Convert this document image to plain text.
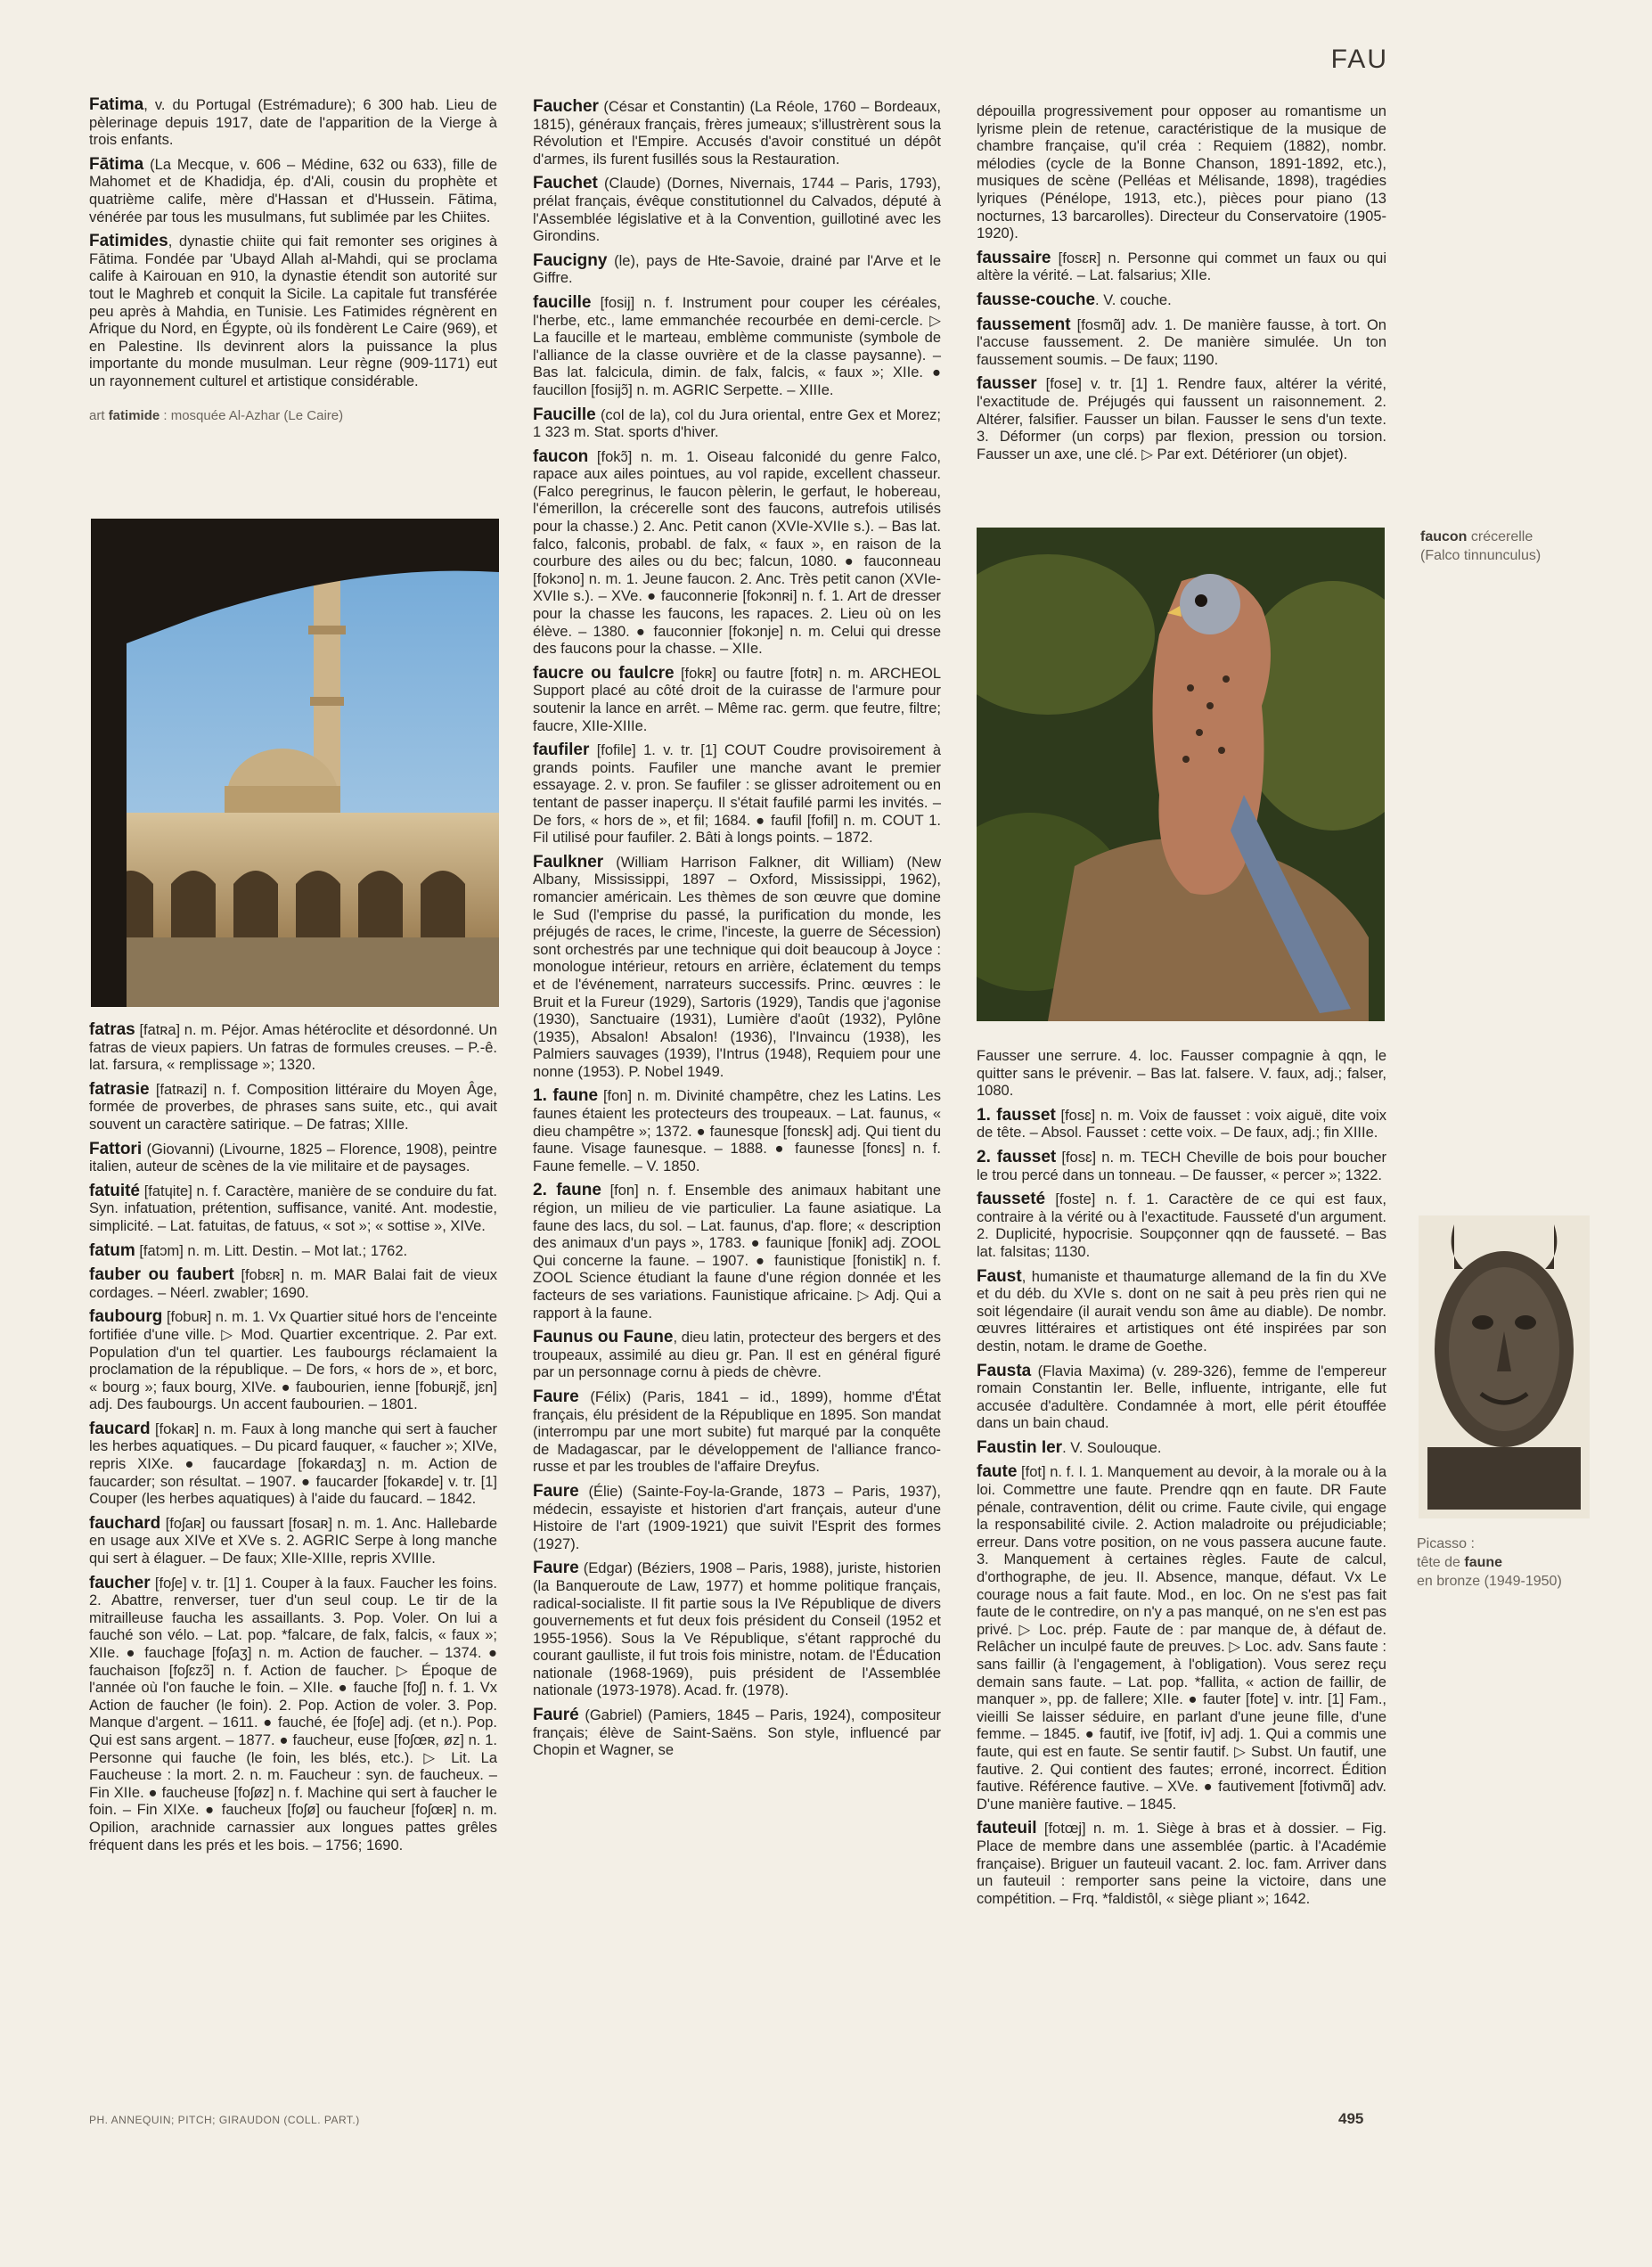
FAU

Fatima, v. du Portugal (Estrémadure); 6 300 hab. Lieu de pèlerinage depuis 1917, date de l'apparition de la Vierge à trois enfants.

Fātima (La Mecque, v. 606 – Médine, 632 ou 633), fille de Mahomet et de Khadidja, ép. d'Ali, cousin du prophète et quatrième calife, mère d'Hassan et d'Hussein. Fātima, vénérée par tous les musulmans, fut sublimée par les Chiites.

Fatimides, dynastie chiite qui fait remonter ses origines à Fātima. Fondée par 'Ubayd Allah al-Mahdi, qui se proclama calife à Kairouan en 910, la dynastie étendit son autorité sur tout le Maghreb et conquit la Sicile. La capitale fut transférée peu après à Mahdia, en Tunisie. Les Fatimides régnèrent en Afrique du Nord, en Égypte, où ils fondèrent Le Caire (969), et en Palestine. Ils devinrent alors la puissance la plus importante du monde musulman. Leur règne (909-1171) eut un rayonnement culturel et artistique considérable.

art fatimide : mosquée Al-Azhar (Le Caire)

fatras [fatʀa] n. m. Péjor. Amas hétéroclite et désordonné. Un fatras de vieux papiers. Un fatras de formules creuses. – P.-ê. lat. farsura, « remplissage »; 1320.

fatrasie [fatʀazi] n. f. Composition littéraire du Moyen Âge, formée de proverbes, de phrases sans suite, etc., qui avait souvent un caractère satirique. – De fatras; XIIIe.

Fattori (Giovanni) (Livourne, 1825 – Florence, 1908), peintre italien, auteur de scènes de la vie militaire et de paysages.

fatuité [fatɥite] n. f. Caractère, manière de se conduire du fat. Syn. infatuation, prétention, suffisance, vanité. Ant. modestie, simplicité. – Lat. fatuitas, de fatuus, « sot »; « sottise », XIVe.

fatum [fatɔm] n. m. Litt. Destin. – Mot lat.; 1762.

fauber ou faubert [fobɛʀ] n. m. MAR Balai fait de vieux cordages. – Néerl. zwabler; 1690.

faubourg [fobuʀ] n. m. 1. Vx Quartier situé hors de l'enceinte fortifiée d'une ville. ▷ Mod. Quartier excentrique. 2. Par ext. Population d'un tel quartier. Les faubourgs réclamaient la proclamation de la république. – De fors, « hors de », et borc, « bourg »; faux bourg, XIVe. ● faubourien, ienne [fobuʀjɛ̃, jɛn] adj. Des faubourgs. Un accent faubourien. – 1801.

faucard [fokaʀ] n. m. Faux à long manche qui sert à faucher les herbes aquatiques. – Du picard fauquer, « faucher »; XIVe, repris XIXe. ● faucardage [fokaʀdaʒ] n. m. Action de faucarder; son résultat. – 1907. ● faucarder [fokaʀde] v. tr. [1] Couper (les herbes aquatiques) à l'aide du faucard. – 1842.

fauchard [foʃaʀ] ou faussart [fosaʀ] n. m. 1. Anc. Hallebarde en usage aux XIVe et XVe s. 2. AGRIC Serpe à long manche qui sert à élaguer. – De faux; XIIe-XIIIe, repris XVIIIe.

faucher [foʃe] v. tr. [1] 1. Couper à la faux. Faucher les foins. 2. Abattre, renverser, tuer d'un seul coup. Le tir de la mitrailleuse faucha les assaillants. 3. Pop. Voler. On lui a fauché son vélo. – Lat. pop. *falcare, de falx, falcis, « faux »; XIIe. ● fauchage [foʃaʒ] n. m. Action de faucher. – 1374. ● fauchaison [foʃɛzɔ̃] n. f. Action de faucher. ▷ Époque de l'année où l'on fauche le foin. – XIIe. ● fauche [foʃ] n. f. 1. Vx Action de faucher (le foin). 2. Pop. Action de voler. 3. Pop. Manque d'argent. – 1611. ● fauché, ée [foʃe] adj. (et n.). Pop. Qui est sans argent. – 1877. ● faucheur, euse [foʃœʀ, øz] n. 1. Personne qui fauche (le foin, les blés, etc.). ▷ Lit. La Faucheuse : la mort. 2. n. m. Faucheur : syn. de faucheux. – Fin XIIe. ● faucheuse [foʃøz] n. f. Machine qui sert à faucher le foin. – Fin XIXe. ● faucheux [foʃø] ou faucheur [foʃœʀ] n. m. Opilion, arachnide carnassier aux longues pattes grêles fréquent dans les prés et les bois. – 1756; 1690.

Faucher (César et Constantin) (La Réole, 1760 – Bordeaux, 1815), généraux français, frères jumeaux; s'illustrèrent sous la Révolution et l'Empire. Accusés d'avoir constitué un dépôt d'armes, ils furent fusillés sous la Restauration.

Fauchet (Claude) (Dornes, Nivernais, 1744 – Paris, 1793), prélat français, évêque constitutionnel du Calvados, député à l'Assemblée législative et à la Convention, guillotiné avec les Girondins.

Faucigny (le), pays de Hte-Savoie, drainé par l'Arve et le Giffre.

faucille [fosij] n. f. Instrument pour couper les céréales, l'herbe, etc., lame emmanchée recourbée en demi-cercle. ▷ La faucille et le marteau, emblème communiste (symbole de l'alliance de la classe ouvrière et de la classe paysanne). – Bas lat. falcicula, dimin. de falx, falcis, « faux »; XIIe. ● faucillon [fosijɔ̃] n. m. AGRIC Serpette. – XIIIe.

Faucille (col de la), col du Jura oriental, entre Gex et Morez; 1 323 m. Stat. sports d'hiver.

faucon [fokɔ̃] n. m. 1. Oiseau falconidé du genre Falco, rapace aux ailes pointues, au vol rapide, excellent chasseur. (Falco peregrinus, le faucon pèlerin, le gerfaut, le hobereau, l'émerillon, la crécerelle sont des faucons, autrefois utilisés pour la chasse.) 2. Anc. Petit canon (XVIe-XVIIe s.). – Bas lat. falco, falconis, probabl. de falx, « faux », en raison de la courbure des ailes ou du bec; falcun, 1080. ● fauconneau [fokɔno] n. m. 1. Jeune faucon. 2. Anc. Très petit canon (XVIe-XVIIe s.). – XVe. ● fauconnerie [fokɔnʀi] n. f. 1. Art de dresser pour la chasse les faucons, les rapaces. 2. Lieu où on les élève. – 1380. ● fauconnier [fokɔnje] n. m. Celui qui dresse des faucons pour la chasse. – XIIe.

faucre ou faulcre [fokʀ] ou fautre [fotʀ] n. m. ARCHEOL Support placé au côté droit de la cuirasse de l'armure pour soutenir la lance en arrêt. – Même rac. germ. que feutre, filtre; faucre, XIIe-XIIIe.

faufiler [fofile] 1. v. tr. [1] COUT Coudre provisoirement à grands points. Faufiler une manche avant le premier essayage. 2. v. pron. Se faufiler : se glisser adroitement ou en tentant de passer inaperçu. Il s'était faufilé parmi les invités. – De fors, « hors de », et fil; 1684. ● faufil [fofil] n. m. COUT 1. Fil utilisé pour faufiler. 2. Bâti à longs points. – 1872.

Faulkner (William Harrison Falkner, dit William) (New Albany, Mississippi, 1897 – Oxford, Mississippi, 1962), romancier américain. Les thèmes de son œuvre que domine le Sud (l'emprise du passé, la purification du monde, les préjugés de races, le crime, l'inceste, la guerre de Sécession) sont orchestrés par une technique qui doit beaucoup à Joyce : monologue intérieur, retours en arrière, éclatement du temps et de l'événement, narrateurs successifs. Princ. œuvres : le Bruit et la Fureur (1929), Sartoris (1929), Tandis que j'agonise (1930), Sanctuaire (1931), Lumière d'août (1932), Pylône (1935), Absalon! Absalon! (1936), l'Invaincu (1938), les Palmiers sauvages (1939), l'Intrus (1948), Requiem pour une nonne (1953). P. Nobel 1949.

1. faune [fon] n. m. Divinité champêtre, chez les Latins. Les faunes étaient les protecteurs des troupeaux. – Lat. faunus, « dieu champêtre »; 1372. ● faunesque [fonɛsk] adj. Qui tient du faune. Visage faunesque. – 1888. ● faunesse [fonɛs] n. f. Faune femelle. – V. 1850.

2. faune [fon] n. f. Ensemble des animaux habitant une région, un milieu de vie particulier. La faune asiatique. La faune des lacs, du sol. – Lat. faunus, d'ap. flore; « description des animaux d'un pays », 1783. ● faunique [fonik] adj. ZOOL Qui concerne la faune. – 1907. ● faunistique [fonistik] n. f. ZOOL Science étudiant la faune d'une région donnée et les facteurs de ses variations. Faunistique africaine. ▷ Adj. Qui a rapport à la faune.

Faunus ou Faune, dieu latin, protecteur des bergers et des troupeaux, assimilé au dieu gr. Pan. Il est en général figuré par un personnage cornu à pieds de chèvre.

Faure (Félix) (Paris, 1841 – id., 1899), homme d'État français, élu président de la République en 1895. Son mandat (interrompu par une mort subite) fut marqué par la conquête de Madagascar, par le développement de l'alliance franco-russe et par les troubles de l'affaire Dreyfus.

Faure (Élie) (Sainte-Foy-la-Grande, 1873 – Paris, 1937), médecin, essayiste et historien d'art français, auteur d'une Histoire de l'art (1909-1921) que suivit l'Esprit des formes (1927).

Faure (Edgar) (Béziers, 1908 – Paris, 1988), juriste, historien (la Banqueroute de Law, 1977) et homme politique français, radical-socialiste. Il fit partie sous la IVe République de divers gouvernements et fut deux fois président du Conseil (1952 et 1955-1956). Sous la Ve République, s'étant rapproché du courant gaulliste, il fut trois fois ministre, notam. de l'Éducation nationale (1968-1969), puis président de l'Assemblée nationale (1973-1978). Acad. fr. (1978).

Fauré (Gabriel) (Pamiers, 1845 – Paris, 1924), compositeur français; élève de Saint-Saëns. Son style, influencé par Chopin et Wagner, se

dépouilla progressivement pour opposer au romantisme un lyrisme plein de retenue, caractéristique de la musique de chambre française, qu'il créa : Requiem (1882), nombr. mélodies (cycle de la Bonne Chanson, 1891-1892, etc.), musiques de scène (Pelléas et Mélisande, 1898), tragédies lyriques (Pénélope, 1913, etc.), pièces pour piano (13 nocturnes, 13 barcarolles). Directeur du Conservatoire (1905-1920).

faussaire [fosɛʀ] n. Personne qui commet un faux ou qui altère la vérité. – Lat. falsarius; XIIe.

fausse-couche. V. couche.

faussement [fosmɑ̃] adv. 1. De manière fausse, à tort. On l'accuse faussement. 2. De manière simulée. Un ton faussement soumis. – De faux; 1190.

fausser [fose] v. tr. [1] 1. Rendre faux, altérer la vérité, l'exactitude de. Préjugés qui faussent un raisonnement. 2. Altérer, falsifier. Fausser un bilan. Fausser le sens d'un texte. 3. Déformer (un corps) par flexion, pression ou torsion. Fausser un axe, une clé. ▷ Par ext. Détériorer (un objet).

faucon crécerelle
(Falco tinnunculus)

Fausser une serrure. 4. loc. Fausser compagnie à qqn, le quitter sans le prévenir. – Bas lat. falsere. V. faux, adj.; falser, 1080.

1. fausset [fosɛ] n. m. Voix de fausset : voix aiguë, dite voix de tête. – Absol. Fausset : cette voix. – De faux, adj.; fin XIIIe.

2. fausset [fosɛ] n. m. TECH Cheville de bois pour boucher le trou percé dans un tonneau. – De fausser, « percer »; 1322.

fausseté [foste] n. f. 1. Caractère de ce qui est faux, contraire à la vérité ou à l'exactitude. Fausseté d'un argument. 2. Duplicité, hypocrisie. Soupçonner qqn de fausseté. – Bas lat. falsitas; 1130.

Faust, humaniste et thaumaturge allemand de la fin du XVe et du déb. du XVIe s. dont on ne sait à peu près rien qui ne soit légendaire (il aurait vendu son âme au diable). De nombr. œuvres littéraires et artistiques ont été inspirées par son destin, notam. le drame de Goethe.

Fausta (Flavia Maxima) (v. 289-326), femme de l'empereur romain Constantin Ier. Belle, influente, intrigante, elle fut accusée d'adultère. Condamnée à mort, elle périt étouffée dans un bain chaud.

Faustin Ier. V. Soulouque.

faute [fot] n. f. I. 1. Manquement au devoir, à la morale ou à la loi. Commettre une faute. Prendre qqn en faute. DR Faute pénale, contravention, délit ou crime. Faute civile, qui engage la responsabilité civile. 2. Action maladroite ou préjudiciable; erreur. Dans votre position, on ne vous passera aucune faute. 3. Manquement à certaines règles. Faute de calcul, d'orthographe, de jeu. II. Absence, manque, défaut. Vx Le courage nous a fait faute. Mod., en loc. On ne s'est pas fait faute de le contredire, on n'y a pas manqué, on ne s'en est pas privé. ▷ Loc. prép. Faute de : par manque de, à défaut de. Relâcher un inculpé faute de preuves. ▷ Loc. adv. Sans faute : sans faillir (à l'engagement, à l'obligation). Vous serez reçu demain sans faute. – Lat. pop. *fallita, « action de faillir, de manquer », pp. de fallere; XIIe. ● fauter [fote] v. intr. [1] Fam., vieilli Se laisser séduire, en parlant d'une jeune fille, d'une femme. – 1845. ● fautif, ive [fotif, iv] adj. 1. Qui a commis une faute, qui est en faute. Se sentir fautif. ▷ Subst. Un fautif, une fautive. 2. Qui contient des fautes; erroné, incorrect. Édition fautive. Référence fautive. – XVe. ● fautivement [fotivmɑ̃] adv. D'une manière fautive. – 1845.

fauteuil [fotœj] n. m. 1. Siège à bras et à dossier. – Fig. Place de membre dans une assemblée (partic. à l'Académie française). Briguer un fauteuil vacant. 2. loc. fam. Arriver dans un fauteuil : remporter sans peine la victoire, dans une compétition. – Frq. *faldistôl, « siège pliant »; 1642.

Picasso :
tête de faune
en bronze (1949-1950)
PH. ANNEQUIN; PITCH; GIRAUDON (COLL. PART.)	495
